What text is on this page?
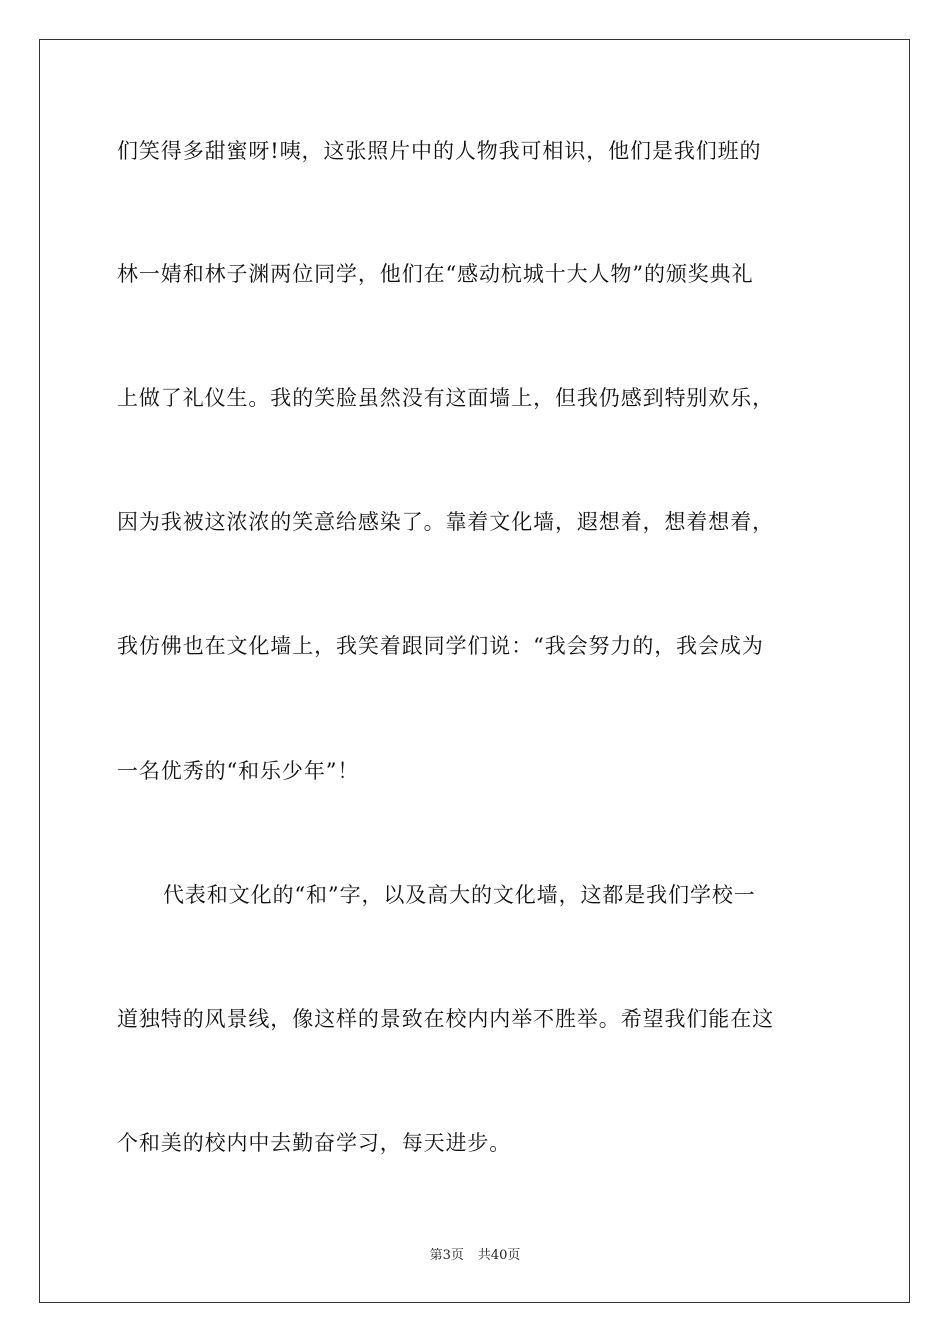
们笑得多甜蜜呀!咦，这张照片中的人物我可相识，他们是我们班的
林一婧和林子渊两位同学，他们在“感动杭城十大人物”的颁奖典礼
上做了礼仪生。我的笑脸虽然没有这面墙上，但我仍感到特别欢乐，
因为我被这浓浓的笑意给感染了。靠着文化墙，遐想着，想着想着，
我仿佛也在文化墙上，我笑着跟同学们说：“我会努力的，我会成为
一名优秀的“和乐少年”！
代表和文化的“和”字，以及高大的文化墙，这都是我们学校一
道独特的风景线，像这样的景致在校内内举不胜举。希望我们能在这
个和美的校内中去勤奋学习，每天进步。
第3页 共40页
